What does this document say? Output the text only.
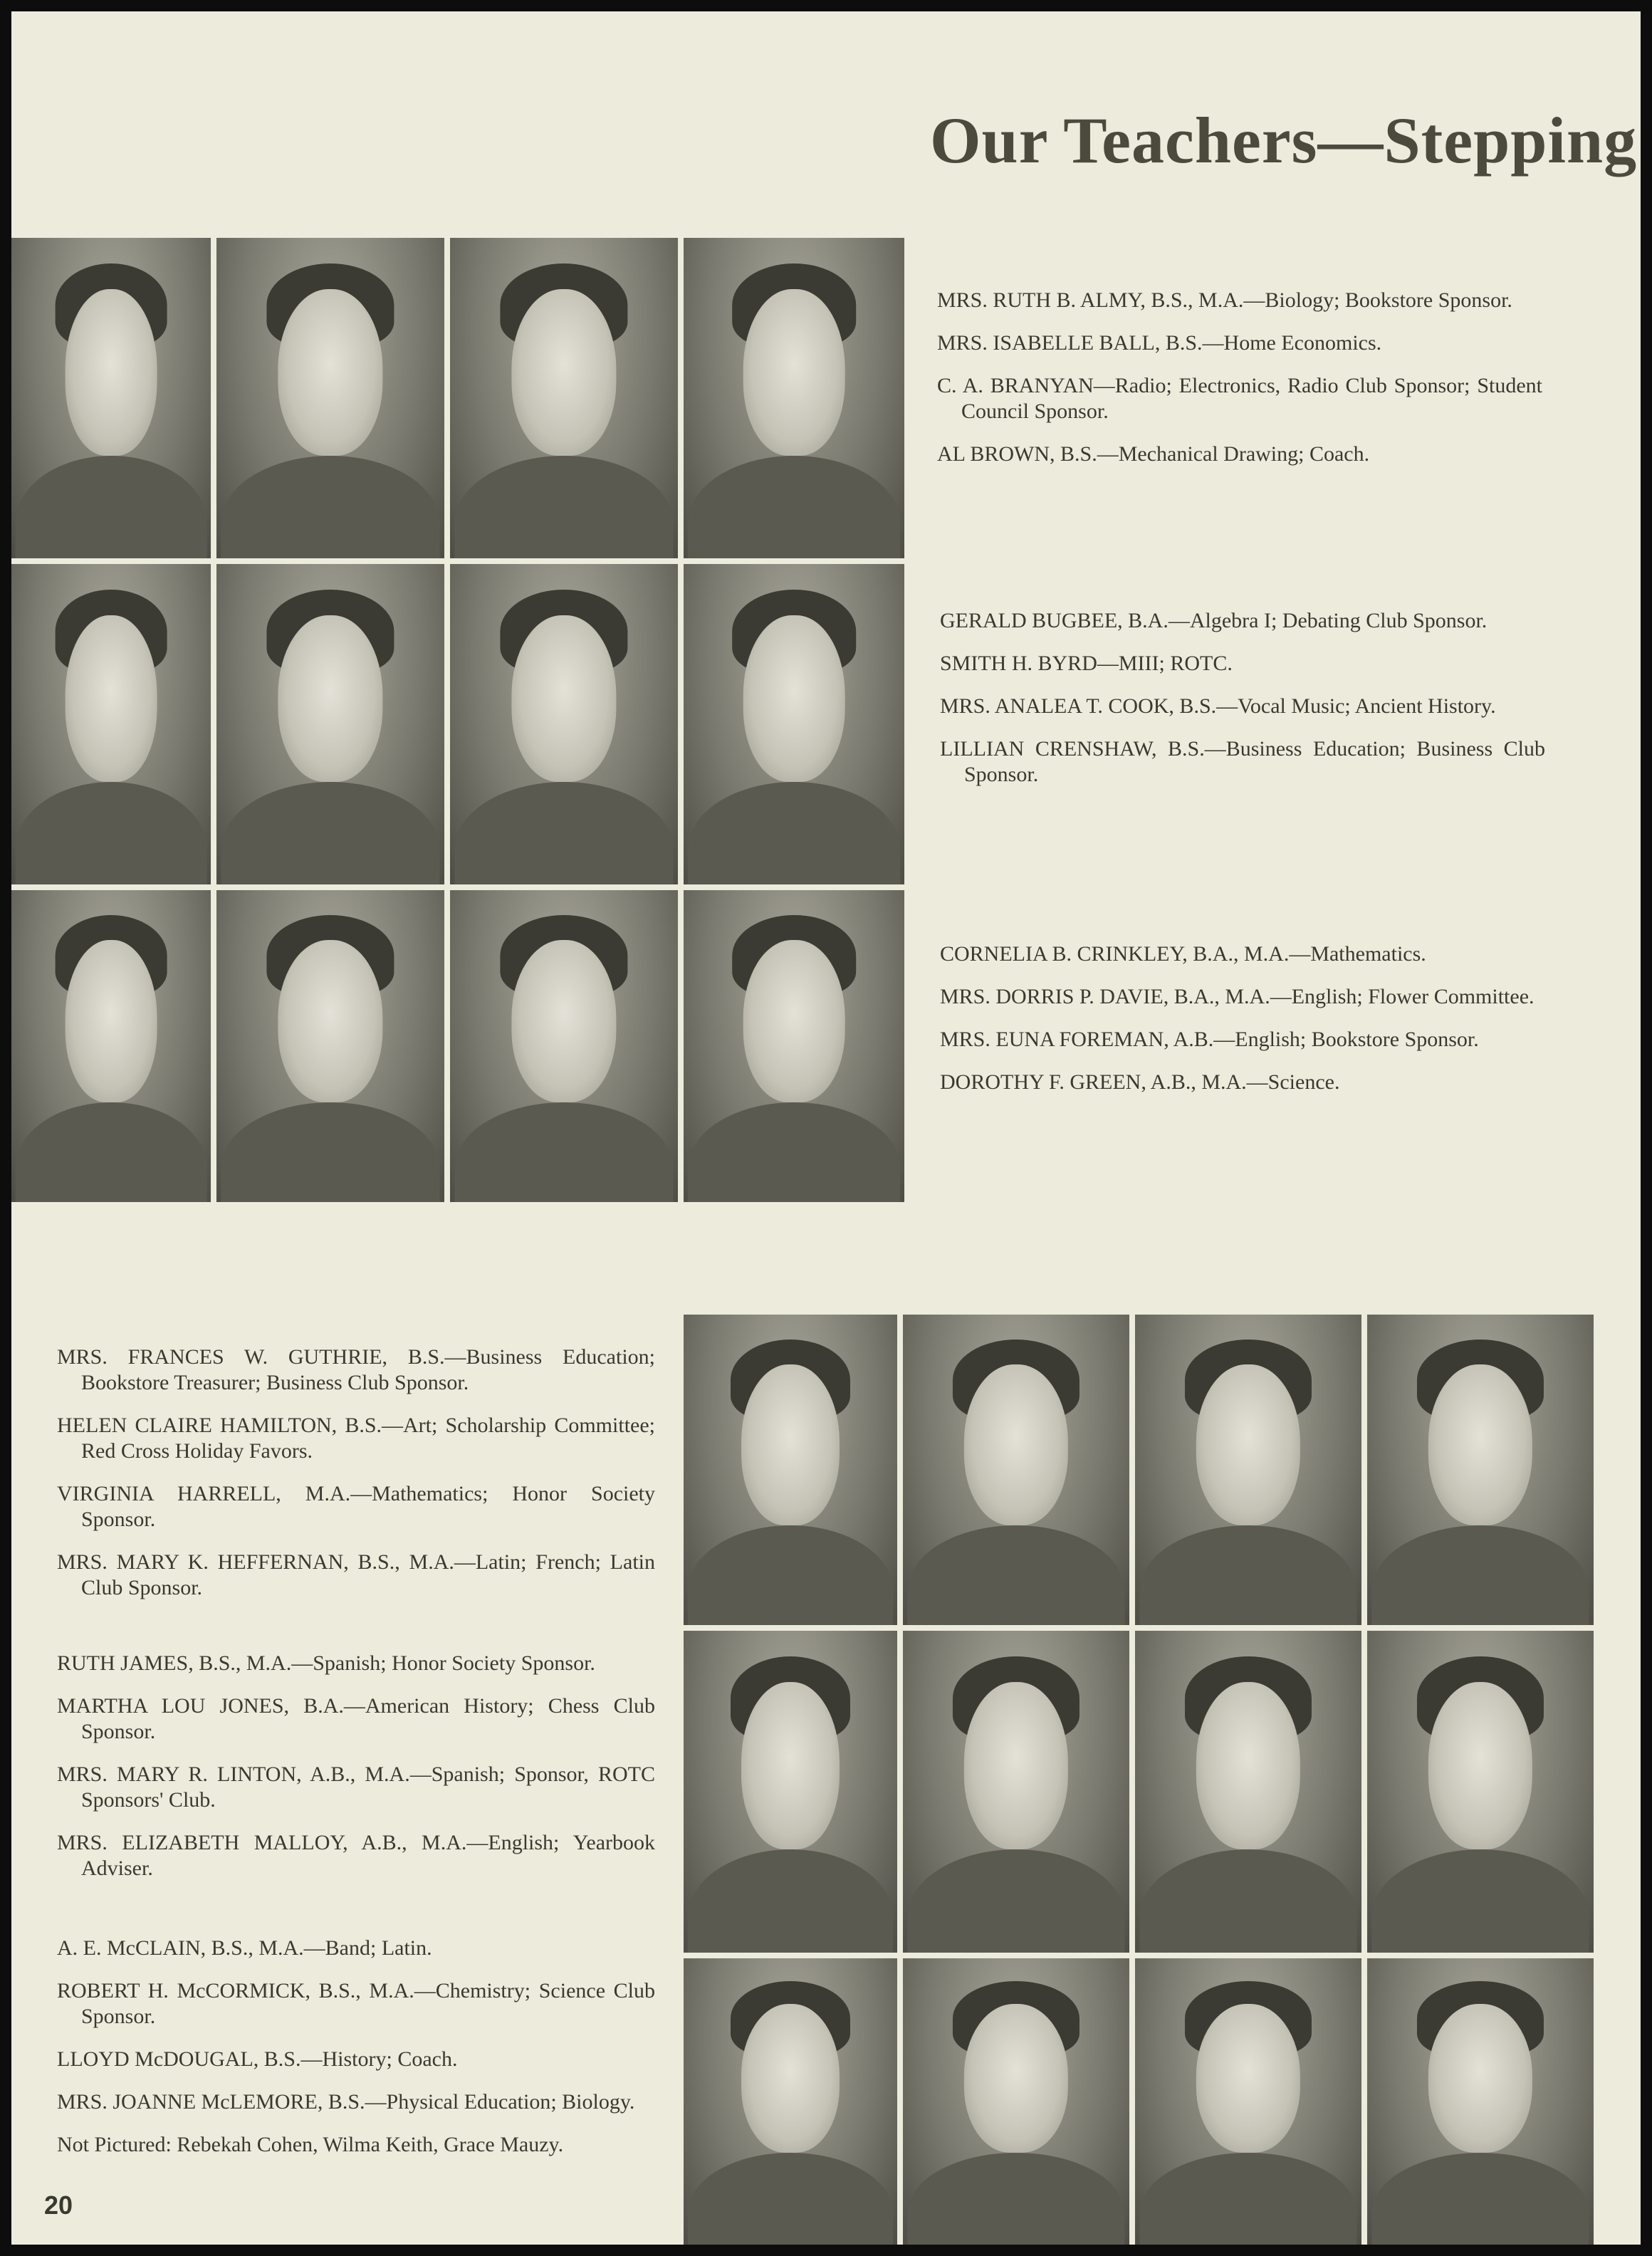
Our Teachers—Stepping

MRS. RUTH B. ALMY, B.S., M.A.—Biology; Bookstore Sponsor.

MRS. ISABELLE BALL, B.S.—Home Economics.

C. A. BRANYAN—Radio; Electronics, Radio Club Sponsor; Student Council Sponsor.

AL BROWN, B.S.—Mechanical Drawing; Coach.

GERALD BUGBEE, B.A.—Algebra I; Debating Club Sponsor.

SMITH H. BYRD—MIII; ROTC.

MRS. ANALEA T. COOK, B.S.—Vocal Music; Ancient History.

LILLIAN CRENSHAW, B.S.—Business Education; Business Club Sponsor.

CORNELIA B. CRINKLEY, B.A., M.A.—Mathematics.

MRS. DORRIS P. DAVIE, B.A., M.A.—English; Flower Committee.

MRS. EUNA FOREMAN, A.B.—English; Bookstore Sponsor.

DOROTHY F. GREEN, A.B., M.A.—Science.

MRS. FRANCES W. GUTHRIE, B.S.—Business Education; Bookstore Treasurer; Business Club Sponsor.

HELEN CLAIRE HAMILTON, B.S.—Art; Scholarship Committee; Red Cross Holiday Favors.

VIRGINIA HARRELL, M.A.—Mathematics; Honor Society Sponsor.

MRS. MARY K. HEFFERNAN, B.S., M.A.—Latin; French; Latin Club Sponsor.

RUTH JAMES, B.S., M.A.—Spanish; Honor Society Sponsor.

MARTHA LOU JONES, B.A.—American History; Chess Club Sponsor.

MRS. MARY R. LINTON, A.B., M.A.—Spanish; Sponsor, ROTC Sponsors' Club.

MRS. ELIZABETH MALLOY, A.B., M.A.—English; Yearbook Adviser.

A. E. McCLAIN, B.S., M.A.—Band; Latin.

ROBERT H. McCORMICK, B.S., M.A.—Chemistry; Science Club Sponsor.

LLOYD McDOUGAL, B.S.—History; Coach.

MRS. JOANNE McLEMORE, B.S.—Physical Education; Biology.

Not Pictured: Rebekah Cohen, Wilma Keith, Grace Mauzy.

20
